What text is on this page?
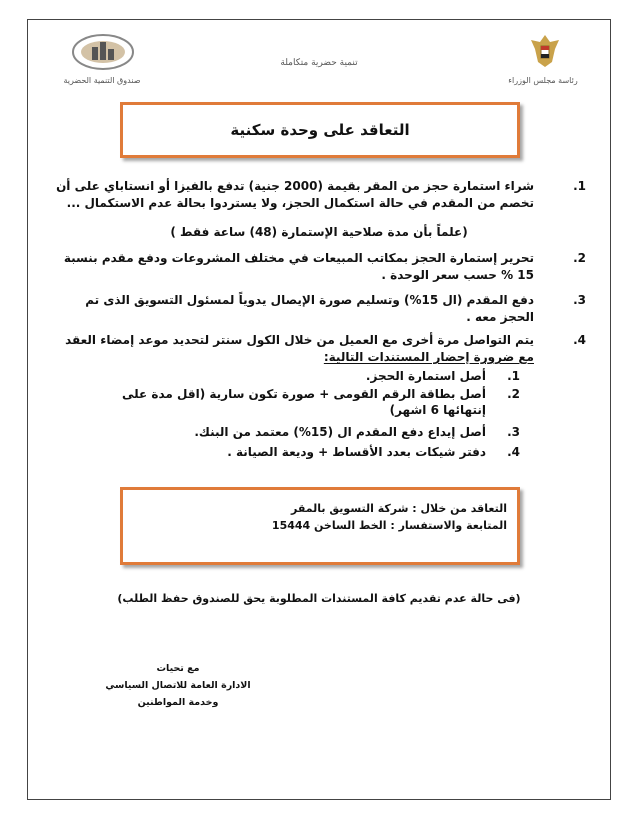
صندوق التنمية الحضرية
تنمية حضرية متكاملة
رئاسة مجلس الوزراء
التعاقد على وحدة سكنية
1.
شراء استمارة حجز من المقر بقيمة (2000 جنية) تدفع بالفيزا أو انستاباي على أن تخصم من المقدم في حالة استكمال الحجز، ولا يستردوا بحالة عدم الاستكمال ...
(علماً بأن مدة صلاحية الإستمارة (48) ساعة فقط )
2.
تحرير إستمارة الحجز بمكاتب المبيعات في مختلف المشروعات ودفع مقدم بنسبة 15 % حسب سعر الوحدة .
3.
دفع المقدم (ال 15%) وتسليم صورة الإيصال يدوياً لمسئول التسويق الذى تم الحجز معه .
4.
يتم التواصل مرة أخرى مع العميل من خلال الكول سنتر لتحديد موعد إمضاء العقد مع ضرورة إحضار المستندات التالية:
1.
أصل استمارة الحجز.
2.
أصل بطاقة الرقم القومى + صورة تكون سارية (اقل مدة على إنتهائها 6 اشهر)
3.
أصل إيداع دفع المقدم ال (15%) معتمد من البنك.
4.
دفتر شيكات بعدد الأقساط + وديعة الصيانة .
التعاقد من خلال : شركة التسويق بالمقر
المتابعة والاستفسار : الخط الساخن 15444
(فى حالة عدم تقديم كافة المستندات المطلوبة يحق للصندوق حفظ الطلب)
مع تحيات
الادارة العامة للاتصال السياسي
وخدمة المواطنين
